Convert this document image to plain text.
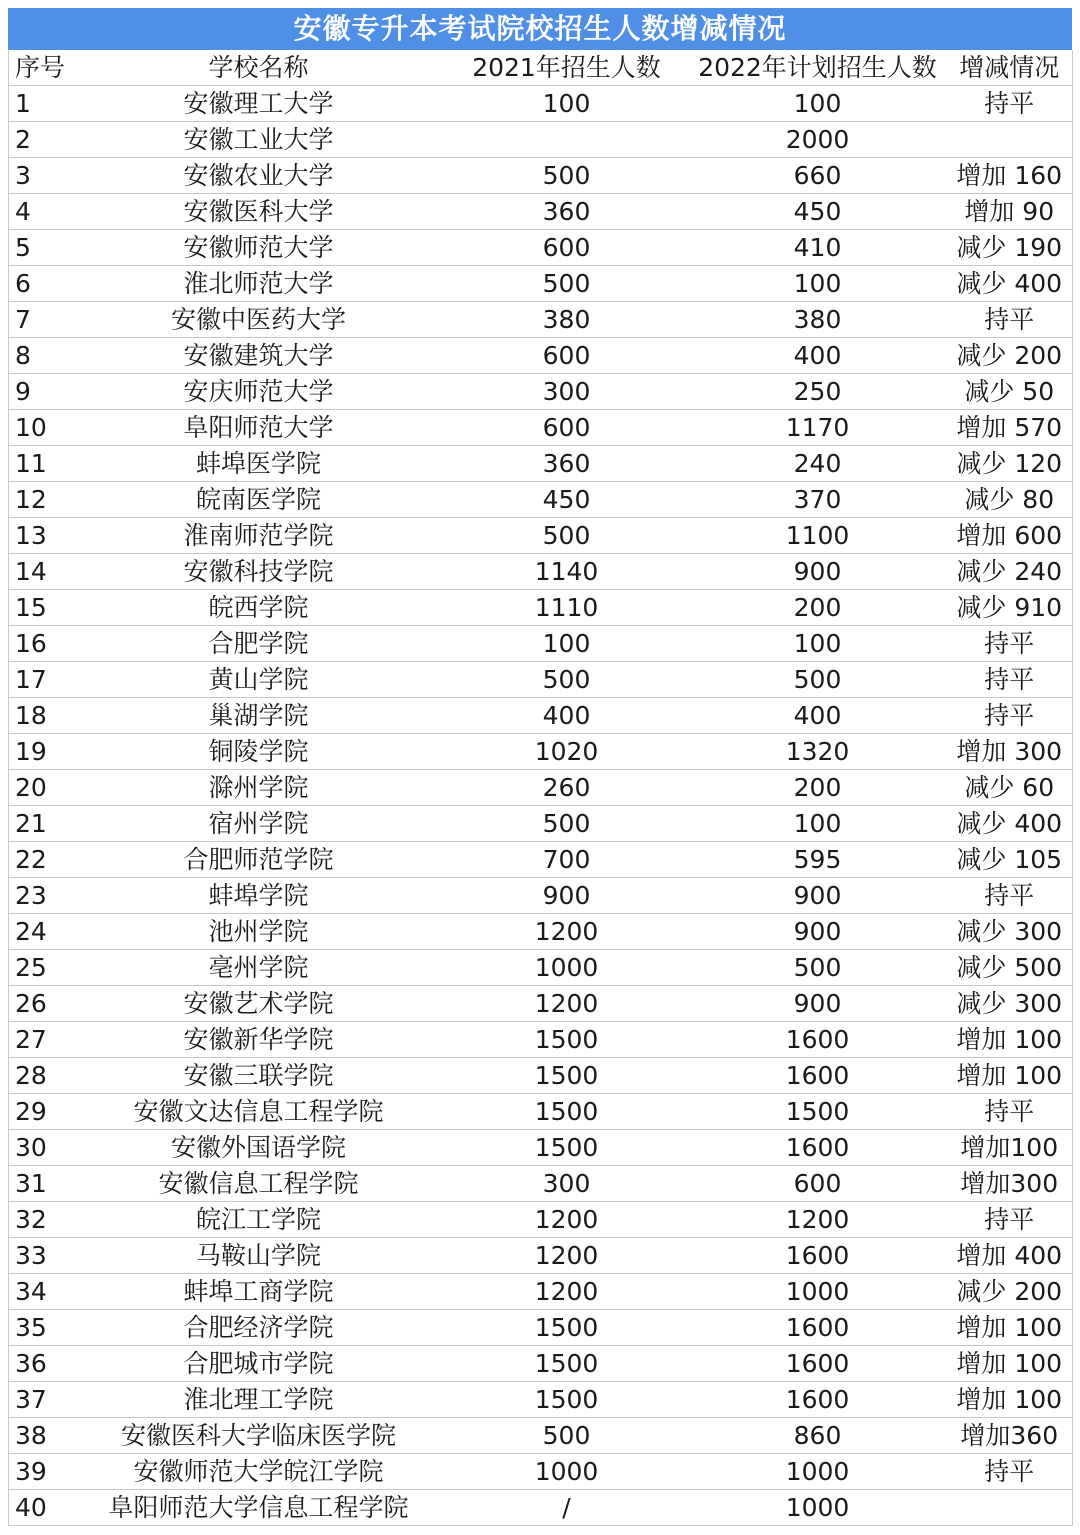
安徽专升本考试院校招生人数增减情况
序号	学校名称	2021年招生人数	2022年计划招生人数	增减情况
1	安徽理工大学	100	100	持平
2	安徽工业大学		2000	
3	安徽农业大学	500	660	增加 160
4	安徽医科大学	360	450	增加 90
5	安徽师范大学	600	410	减少 190
6	淮北师范大学	500	100	减少 400
7	安徽中医药大学	380	380	持平
8	安徽建筑大学	600	400	减少 200
9	安庆师范大学	300	250	减少 50
10	阜阳师范大学	600	1170	增加 570
11	蚌埠医学院	360	240	减少 120
12	皖南医学院	450	370	减少 80
13	淮南师范学院	500	1100	增加 600
14	安徽科技学院	1140	900	减少 240
15	皖西学院	1110	200	减少 910
16	合肥学院	100	100	持平
17	黄山学院	500	500	持平
18	巢湖学院	400	400	持平
19	铜陵学院	1020	1320	增加 300
20	滁州学院	260	200	减少 60
21	宿州学院	500	100	减少 400
22	合肥师范学院	700	595	减少 105
23	蚌埠学院	900	900	持平
24	池州学院	1200	900	减少 300
25	亳州学院	1000	500	减少 500
26	安徽艺术学院	1200	900	减少 300
27	安徽新华学院	1500	1600	增加 100
28	安徽三联学院	1500	1600	增加 100
29	安徽文达信息工程学院	1500	1500	持平
30	安徽外国语学院	1500	1600	增加100
31	安徽信息工程学院	300	600	增加300
32	皖江工学院	1200	1200	持平
33	马鞍山学院	1200	1600	增加 400
34	蚌埠工商学院	1200	1000	减少 200
35	合肥经济学院	1500	1600	增加 100
36	合肥城市学院	1500	1600	增加 100
37	淮北理工学院	1500	1600	增加 100
38	安徽医科大学临床医学院	500	860	增加360
39	安徽师范大学皖江学院	1000	1000	持平
40	阜阳师范大学信息工程学院	/	1000	
